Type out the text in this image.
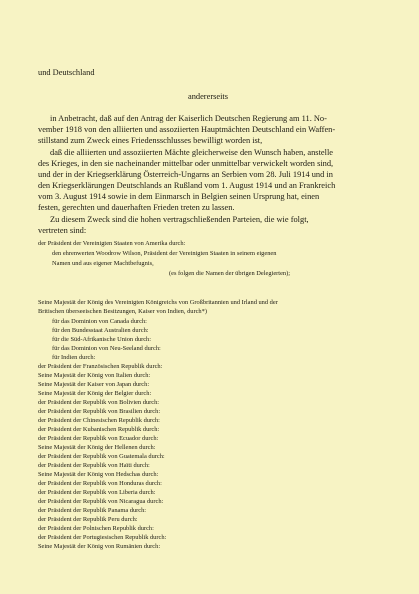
und Deutschland
andererseits
in Anbetracht, daß auf den Antrag der Kaiserlich Deutschen Regierung am 11. No-
vember 1918 von den alliierten und assoziierten Hauptmächten Deutschland ein Waffen-
stillstand zum Zweck eines Friedensschlusses bewilligt worden ist,
daß die alliierten und assoziierten Mächte gleicherweise den Wunsch haben, anstelle
des Krieges, in den sie nacheinander mittelbar oder unmittelbar verwickelt worden sind,
und der in der Kriegserklärung Österreich-Ungarns an Serbien vom 28. Juli 1914 und in
den Kriegserklärungen Deutschlands an Rußland vom 1. August 1914 und an Frankreich
vom 3. August 1914 sowie in dem Einmarsch in Belgien seinen Ursprung hat, einen
festen, gerechten und dauerhaften Frieden treten zu lassen.
Zu diesem Zweck sind die hohen vertragschließenden Parteien, die wie folgt,
vertreten sind:
der Präsident der Vereinigten Staaten von Amerika durch:
den ehrenwerten Woodrow Wilson, Präsident der Vereinigten Staaten in seinem eigenen
Namen und aus eigener Machtbefugnis,
(es folgen die Namen der übrigen Delegierten);
Seine Majestät der König des Vereinigten Königreichs von Großbritannien und Irland und der
Britischen überseeischen Besitzungen, Kaiser von Indien, durch*)
für das Dominion von Canada durch:
für den Bundesstaat Australien durch:
für die Süd-Afrikanische Union durch:
für das Dominion von Neu-Seeland durch:
für Indien durch:
der Präsident der Französischen Republik durch:
Seine Majestät der König von Italien durch:
Seine Majestät der Kaiser von Japan durch:
Seine Majestät der König der Belgier durch:
der Präsident der Republik von Bolivien durch:
der Präsident der Republik von Brasilien durch:
der Präsident der Chinesischen Republik durch:
der Präsident der Kubanischen Republik durch:
der Präsident der Republik von Ecuador durch:
Seine Majestät der König der Hellenen durch:
der Präsident der Republik von Guatemala durch:
der Präsident der Republik von Haïti durch:
Seine Majestät der König von Hedschas durch:
der Präsident der Republik von Honduras durch:
der Präsident der Republik von Liberia durch:
der Präsident der Republik von Nicaragua durch:
der Präsident der Republik Panama durch:
der Präsident der Republik Peru durch:
der Präsident der Polnischen Republik durch:
der Präsident der Portugiesischen Republik durch:
Seine Majestät der König von Rumänien durch:
